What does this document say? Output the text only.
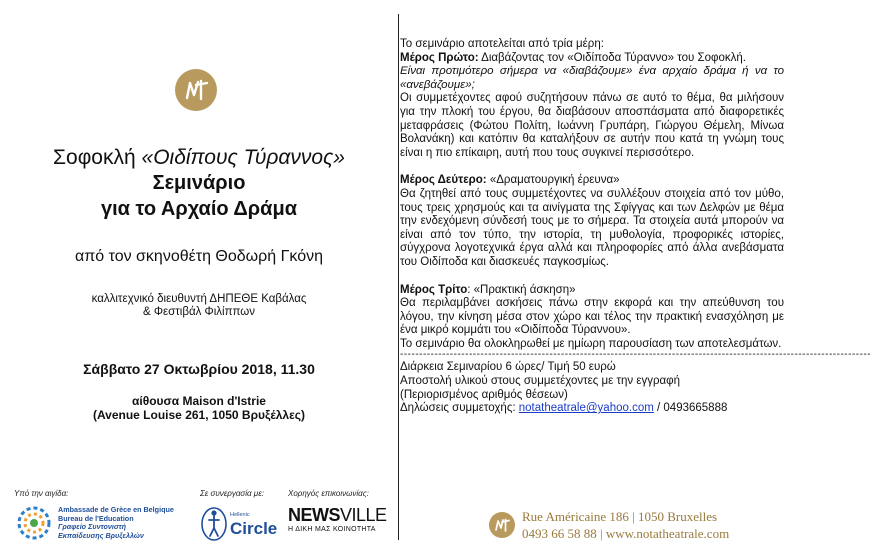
Σοφοκλή «Οιδίπους Τύραννος»
Σεμινάριο
για το Αρχαίο Δράμα
από τον σκηνοθέτη Θοδωρή Γκόνη
καλλιτεχνικό διευθυντή ΔΗΠΕΘΕ Καβάλας
& Φεστιβάλ Φιλίππων
Σάββατο 27 Οκτωβρίου 2018, 11.30
αίθουσα Maison d'Istrie
(Avenue Louise 261, 1050 Βρυξέλλες)
Υπό την αιγίδα:	Σε συνεργασία με:	Χορηγός επικοινωνίας:
Ambassade de Grèce en Belgique
Bureau de l'Education
Γραφείο Συντονιστή
Εκπαίδευσης Βρυξελλών
Hellenic
Circle
NEWSVILLE
Η ΔΙΚΗ ΜΑΣ ΚΟΙΝΟΤΗΤΑ

Το σεμινάριο αποτελείται από τρία μέρη:

Μέρος Πρώτο: Διαβάζοντας τον «Οιδίποδα Τύραννο» του Σοφοκλή.

Είναι προτιμότερο σήμερα να «διαβάζουμε» ένα αρχαίο δράμα ή να το «ανεβάζουμε»;

Οι συμμετέχοντες αφού συζητήσουν πάνω σε αυτό το θέμα, θα μιλήσουν για την πλοκή του έργου, θα διαβάσουν αποσπάσματα από διαφορετικές μεταφράσεις (Φώτου Πολίτη, Ιωάννη Γρυπάρη, Γιώργου Θέμελη, Μίνωα Βολανάκη) και κατόπιν θα καταλήξουν σε αυτήν που κατά τη γνώμη τους είναι η πιο επίκαιρη, αυτή που τους συγκινεί περισσότερο.

Μέρος Δεύτερο: «Δραματουργική έρευνα»

Θα ζητηθεί από τους συμμετέχοντες να συλλέξουν στοιχεία από τον μύθο, τους τρεις χρησμούς και τα αινίγματα της Σφίγγας και των Δελφών με θέμα την ενδεχόμενη σύνδεσή τους με το σήμερα. Τα στοιχεία αυτά μπορούν να είναι από τον τύπο, την ιστορία, τη μυθολογία, προφορικές ιστορίες, σύγχρονα λογοτεχνικά έργα αλλά και πληροφορίες από άλλα ανεβάσματα του Οιδίποδα και διασκευές παγκοσμίως.

Μέρος Τρίτο: «Πρακτική άσκηση»

Θα περιλαμβάνει ασκήσεις πάνω στην εκφορά και την απεύθυνση του λόγου, την κίνηση μέσα στον χώρο και τέλος την πρακτική ενασχόληση με ένα μικρό κομμάτι του «Οιδίποδα Τύραννου».

Το σεμινάριο θα ολοκληρωθεί με ημίωρη παρουσίαση των αποτελεσμάτων.

---------------------------------------------------------------------------------------------------------------------------

Διάρκεια Σεμιναρίου 6 ώρες/ Τιμή 50 ευρώ

Αποστολή υλικού στους συμμετέχοντες με την εγγραφή

(Περιορισμένος αριθμός θέσεων)

Δηλώσεις συμμετοχής: notatheatrale@yahoo.com / 0493665888

Rue Américaine 186 | 1050 Bruxelles
0493 66 58 88 | www.notatheatrale.com
